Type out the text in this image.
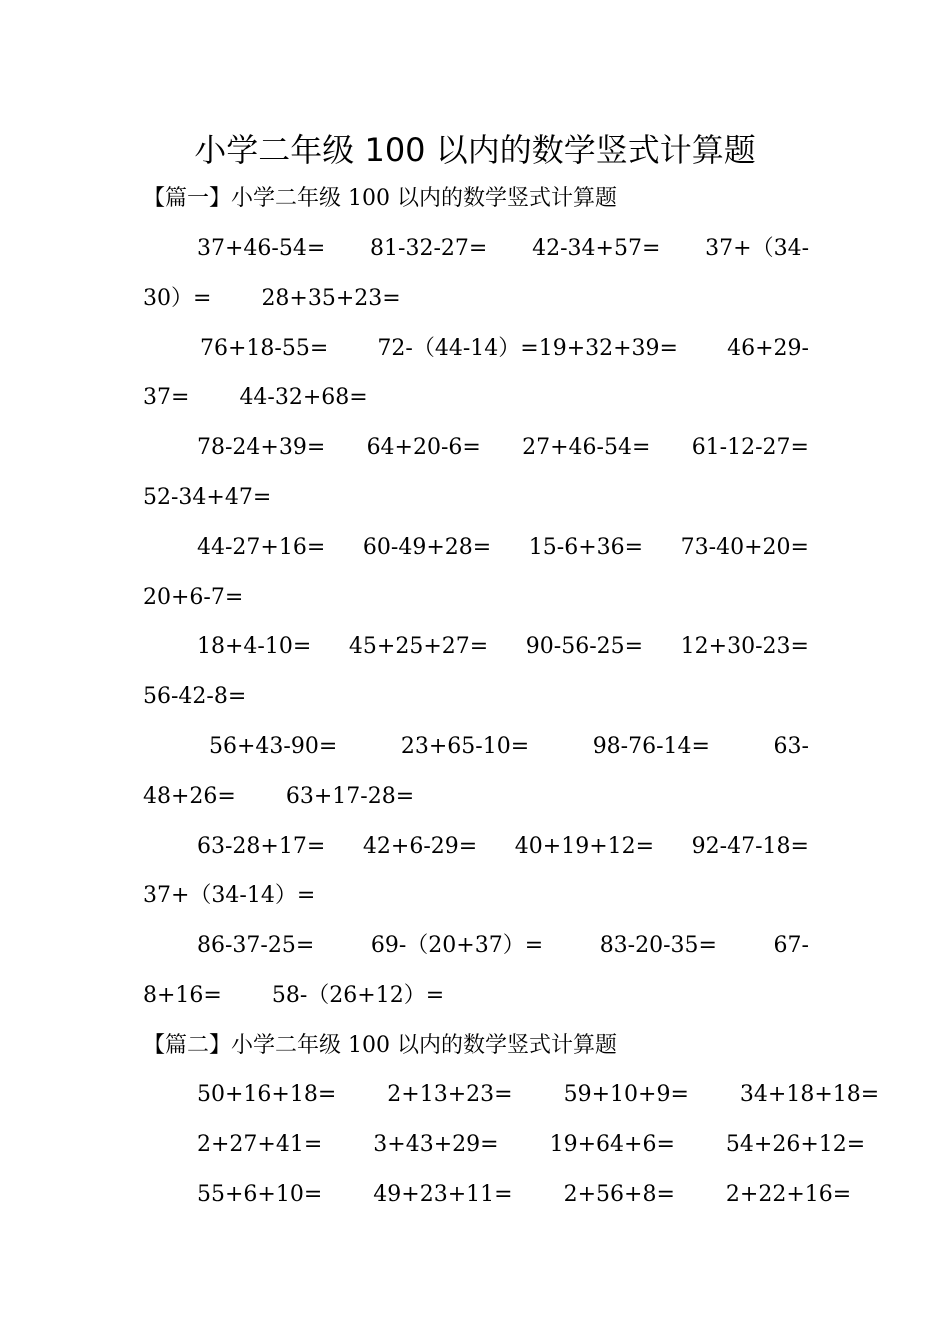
小学二年级 100 以内的数学竖式计算题

【篇一】小学二年级 100 以内的数学竖式计算题

37+46-54= 81-32-27= 42-34+57= 37+（34-
30）= 28+35+23=
76+18-55= 72-（44-14）=19+32+39= 46+29-
37= 44-32+68=
78-24+39= 64+20-6= 27+46-54= 61-12-27=
52-34+47=
44-27+16= 60-49+28= 15-6+36= 73-40+20=
20+6-7=
18+4-10= 45+25+27= 90-56-25= 12+30-23=
56-42-8=
56+43-90=	23+65-10=	98-76-14=	63-
48+26= 63+17-28=
63-28+17= 42+6-29= 40+19+12= 92-47-18=
37+（34-14）=
86-37-25=	69-（20+37）=	83-20-35=	67-
8+16= 58-（26+12）=

【篇二】小学二年级 100 以内的数学竖式计算题

50+16+18= 2+13+23= 59+10+9= 34+18+18=
2+27+41= 3+43+29= 19+64+6= 54+26+12=
55+6+10= 49+23+11= 2+56+8= 2+22+16=
